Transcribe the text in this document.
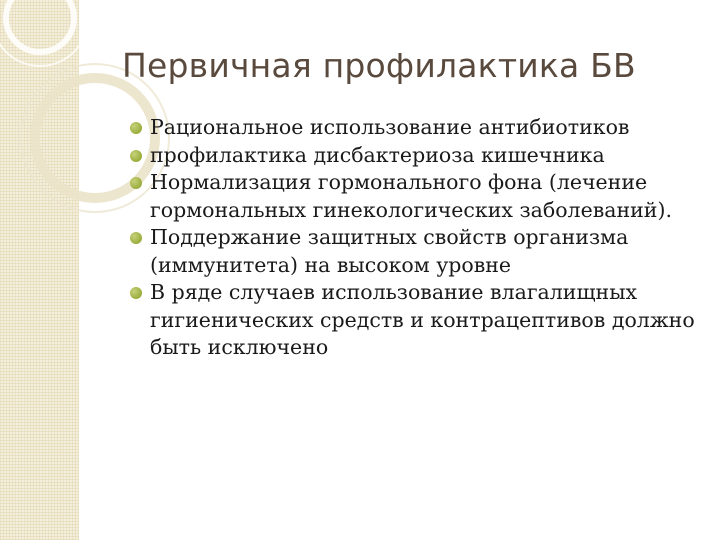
Первичная профилактика БВ
Рациональное использование антибиотиков
профилактика дисбактериоза кишечника
Нормализация гормонального фона (лечение гормональных гинекологических заболеваний).
Поддержание защитных свойств организма (иммунитета) на высоком уровне
В ряде случаев использование влагалищных гигиенических средств и контрацептивов должно быть исключено
